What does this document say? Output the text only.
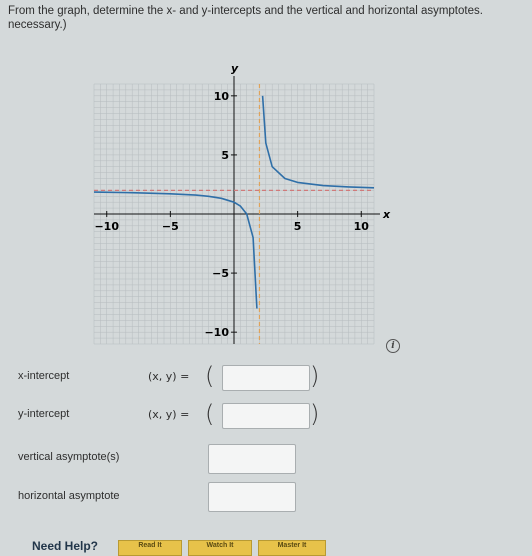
From the graph, determine the x- and y-intercepts and the vertical and horizontal asymptotes.
necessary.)
x
y
−10	−5	5	10
10
5
−5
−10
i
x-intercept	(x, y) = (	)
y-intercept	(x, y) = (	)
vertical asymptote(s)
horizontal asymptote
Need Help?	Read It	Watch It	Master It
